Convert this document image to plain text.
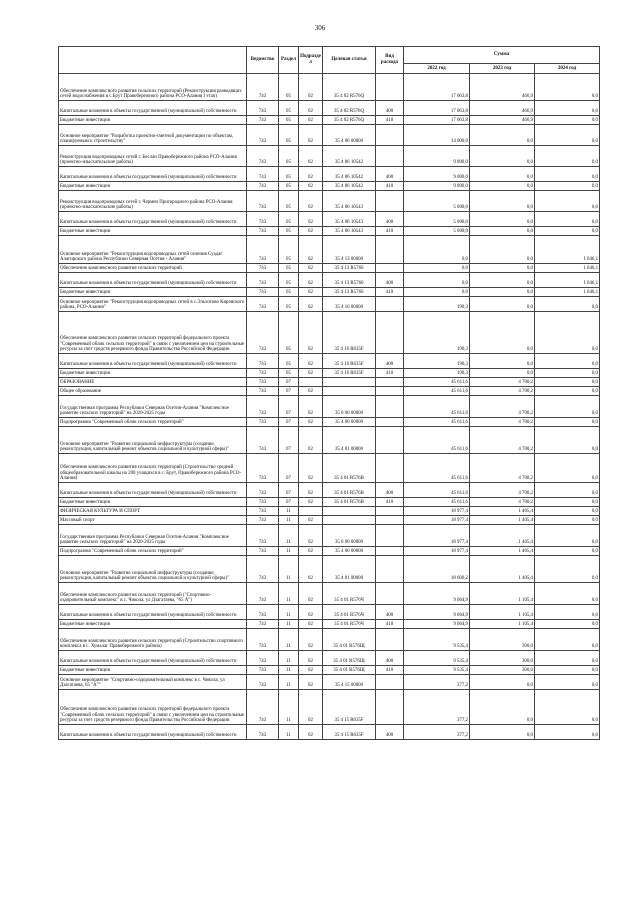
306
	Ведомство	Раздел	Подраздел	Целевая статья	Вид расхода	Сумма		
						2022 год	2023 год	2024 год
Обеспечение комплексного развития сельских территорий (Реконструкция разводящих сетей водоснабжения в с.Брут Правобережного района РСО-Алания I этап)	743	05	02	35 4 02 R576Q		17 063,8	466,9	0,0
Капитальные вложения в объекты государственной (муниципальной) собственности	743	05	02	35 4 02 R576Q	400	17 063,8	466,9	0,0
Бюджетные инвестиции	743	05	02	35 4 02 R576Q	410	17 063,8	466,9	0,0
Основное мероприятие "Разработка проектно-сметной документации по объектам, планируемым к строительству"	743	05	02	35 4 06 00000		14 000,0	0,0	0,0
Реконструкция водопроводных сетей г. Беслан Правобережного района РСО-Алания (проектно-изыскательские работы)	743	05	02	35 4 06 10542		9 000,0	0,0	0,0
Капитальные вложения в объекты государственной (муниципальной) собственности	743	05	02	35 4 06 10542	400	9 000,0	0,0	0,0
Бюджетные инвестиции	743	05	02	35 4 06 10542	410	9 000,0	0,0	0,0
Реконструкция водопроводных сетей г. Чермен Пригородного района РСО-Алания (проектно-изыскательские работы)	743	05	02	35 4 06 10543		5 000,0	0,0	0,0
Капитальные вложения в объекты государственной (муниципальной) собственности	743	05	02	35 4 06 10543	400	5 000,0	0,0	0,0
Бюджетные инвестиции	743	05	02	35 4 06 10543	410	5 000,0	0,0	0,0
Основное мероприятие "Реконструкция водопроводных сетей селения Суадаг Алагирского района Республики Северная Осетия - Алания"	743	05	02	35 4 13 00000		0,0	0,0	1 646,1
Обеспечение комплексного развития сельских территорий	743	05	02	35 4 13 R5760		0,0	0,0	1 646,1
Капитальные вложения в объекты государственной (муниципальной) собственности	743	05	02	35 4 13 R5760	400	0,0	0,0	1 646,1
Бюджетные инвестиции	743	05	02	35 4 13 R5760	410	0,0	0,0	1 646,1
Основное мероприятие "Реконструкция водопроводных сетей в с.Эльхотово Кировского района, РСО-Алания"	743	05	02	35 4 16 00000		190,3	0,0	0,0
Обеспечение комплексного развития сельских территорий федерального проекта "Современный облик сельских территорий" в связи с увеличением цен на строительные ресурсы за счет средств резервного фонда Правительства Российской Федерации	743	05	02	35 4 16 R635F		190,3	0,0	0,0
Капитальные вложения в объекты государственной (муниципальной) собственности	743	05	02	35 4 16 R635F	400	190,3	0,0	0,0
Бюджетные инвестиции	743	05	02	35 4 16 R635F	410	190,3	0,0	0,0
ОБРАЗОВАНИЕ	743	07				45 611,6	4 700,2	0,0
Общее образование	743	07	02			45 611,6	4 700,2	0,0
Государственная программа Республики Северная Осетия-Алания "Комплексное развитие сельских территорий" на 2020-2025 годы	743	07	02	35 0 00 00000		45 611,6	4 700,2	0,0
Подпрограмма "Современный облик сельских территорий"	743	07	02	35 4 00 00000		45 611,6	4 700,2	0,0
Основное мероприятие "Развитие социальной инфраструктуры (создание, реконструкция, капитальный ремонт объектов социальной и культурной сферы)"	743	07	02	35 4 01 00000		45 611,6	4 700,2	0,0
Обеспечение комплексного развития сельских территорий (Строительство средней общеобразовательной школы на 200 учащихся в с. Брут, Правобережного района РСО-Алания)	743	07	02	35 4 01 R576B		45 611,6	4 700,2	0,0
Капитальные вложения в объекты государственной (муниципальной) собственности	743	07	02	35 4 01 R576B	400	45 611,6	4 700,2	0,0
Бюджетные инвестиции	743	07	02	35 4 01 R576B	410	45 611,6	4 700,2	0,0
ФИЗИЧЕСКАЯ КУЛЬТУРА И СПОРТ	743	11				18 977,4	1 405,4	0,0
Массовый спорт	743	11	02			18 977,4	1 405,4	0,0
Государственная программа Республики Северная Осетия-Алания "Комплексное развитие сельских территорий" на 2020-2025 годы	743	11	02	35 0 00 00000		18 977,4	1 405,4	0,0
Подпрограмма "Современный облик сельских территорий"	743	11	02	35 4 00 00000		18 977,4	1 405,4	0,0
Основное мероприятие "Развитие социальной инфраструктуры (создание, реконструкция, капитальный ремонт объектов социальной и культурной сферы)"	743	11	02	35 4 01 00000		18 600,2	1 405,4	0,0
Обеспечение комплексного развития сельских территорий ("Спортивно-оздоровительный комплекс" в с. Чикола, ул Дзагатаева, "65 А")	743	11	02	35 4 01 R576Ч		9 064,9	1 105,4	0,0
Капитальные вложения в объекты государственной (муниципальной) собственности	743	11	02	35 4 01 R576Ч	400	9 064,9	1 105,4	0,0
Бюджетные инвестиции	743	11	02	35 4 01 R576Ч	410	9 064,9	1 105,4	0,0
Обеспечение комплексного развития сельских территорий (Строительство спортивного комплекса в с. Хумалаг Правобережного района)	743	11	02	35 4 01 R576Щ		9 535,4	300,0	0,0
Капитальные вложения в объекты государственной (муниципальной) собственности	743	11	02	35 4 01 R576Щ	400	9 535,4	300,0	0,0
Бюджетные инвестиции	743	11	02	35 4 01 R576Щ	410	9 535,4	300,0	0,0
Основное мероприятие "Спортивно-оздоровительный комплекс в с. Чикола, ул Дзагатаева, 65 "А""	743	11	02	35 4 15 00000		377,2	0,0	0,0
Обеспечение комплексного развития сельских территорий федерального проекта "Современный облик сельских территорий" в связи с увеличением цен на строительные ресурсы за счет средств резервного фонда Правительства Российской Федерации	743	11	02	35 4 15 R635F		377,2	0,0	0,0
Капитальные вложения в объекты государственной (муниципальной) собственности	743	11	02	35 4 15 R635F	400	377,2	0,0	0,0
